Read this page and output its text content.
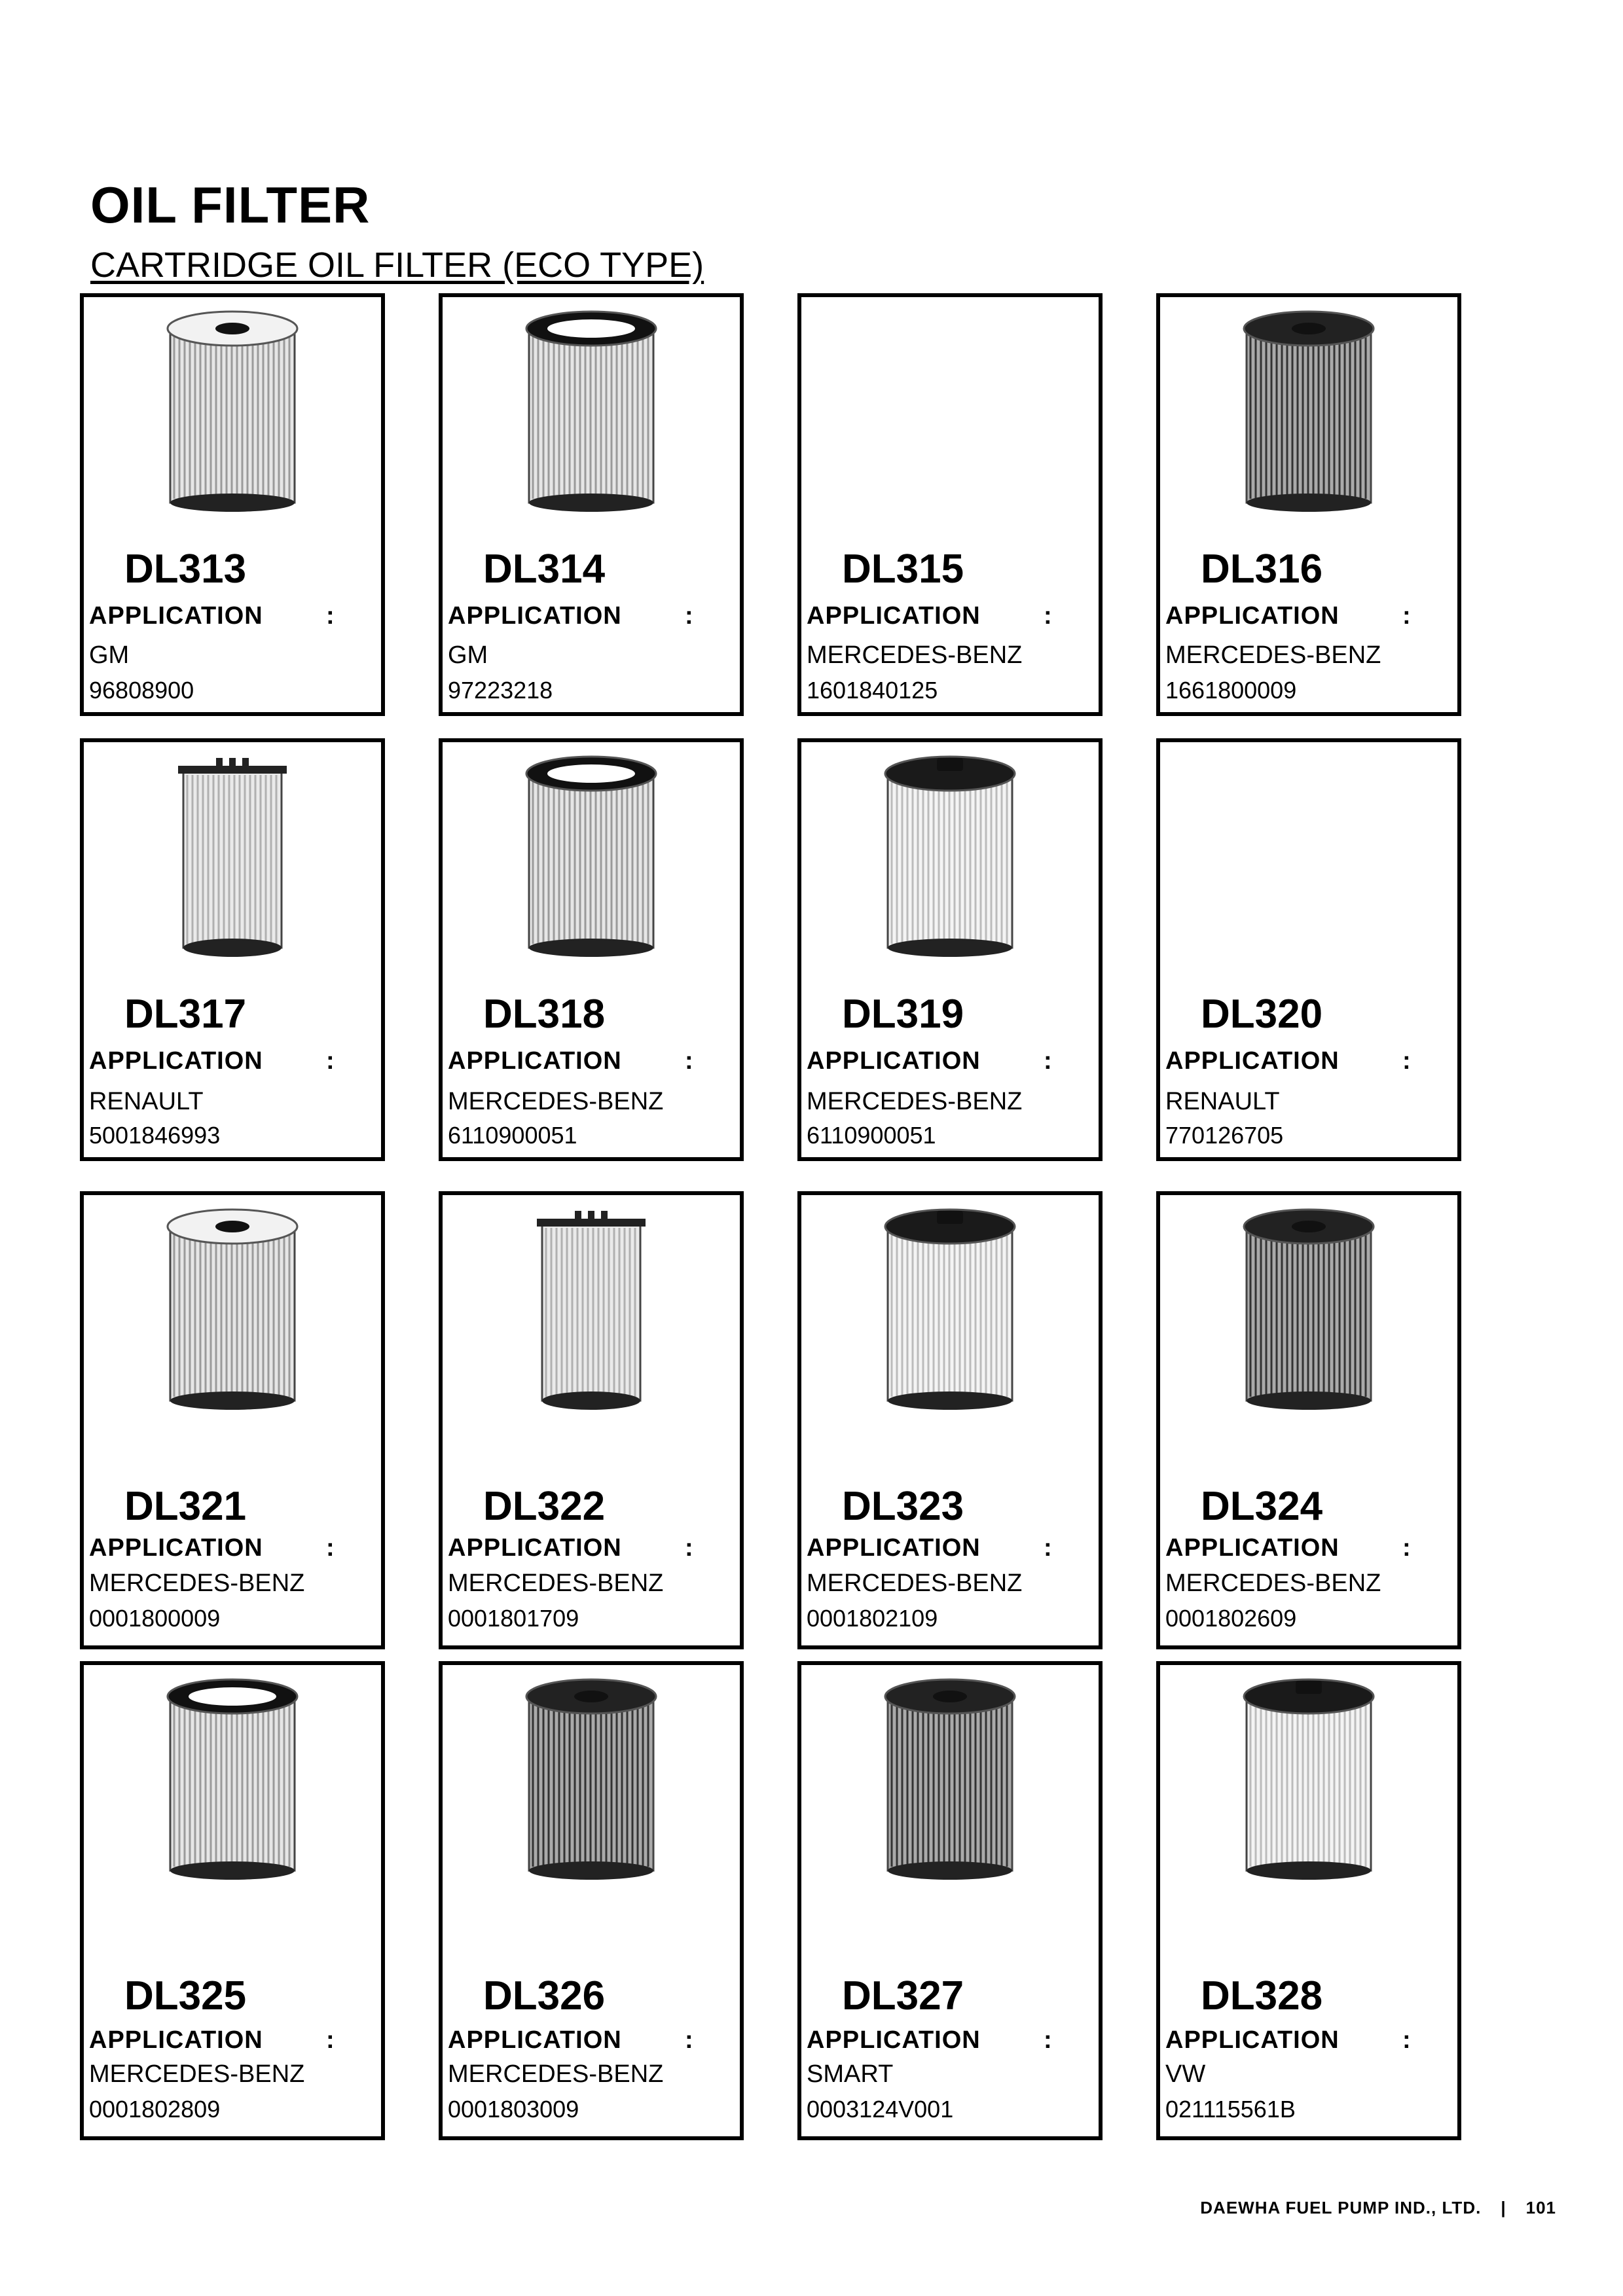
OIL FILTER
CARTRIDGE OIL FILTER (ECO TYPE)
DL313
APPLICATION	:
GM
96808900
DL314
APPLICATION	:
GM
97223218
DL315
APPLICATION	:
MERCEDES-BENZ
1601840125
DL316
APPLICATION	:
MERCEDES-BENZ
1661800009
DL317
APPLICATION	:
RENAULT
5001846993
DL318
APPLICATION	:
MERCEDES-BENZ
6110900051
DL319
APPLICATION	:
MERCEDES-BENZ
6110900051
DL320
APPLICATION	:
RENAULT
770126705
DL321
APPLICATION	:
MERCEDES-BENZ
0001800009
DL322
APPLICATION	:
MERCEDES-BENZ
0001801709
DL323
APPLICATION	:
MERCEDES-BENZ
0001802109
DL324
APPLICATION	:
MERCEDES-BENZ
0001802609
DL325
APPLICATION	:
MERCEDES-BENZ
0001802809
DL326
APPLICATION	:
MERCEDES-BENZ
0001803009
DL327
APPLICATION	:
SMART
0003124V001
DL328
APPLICATION	:
VW
021115561B
DAEWHA FUEL PUMP IND., LTD. | 101
